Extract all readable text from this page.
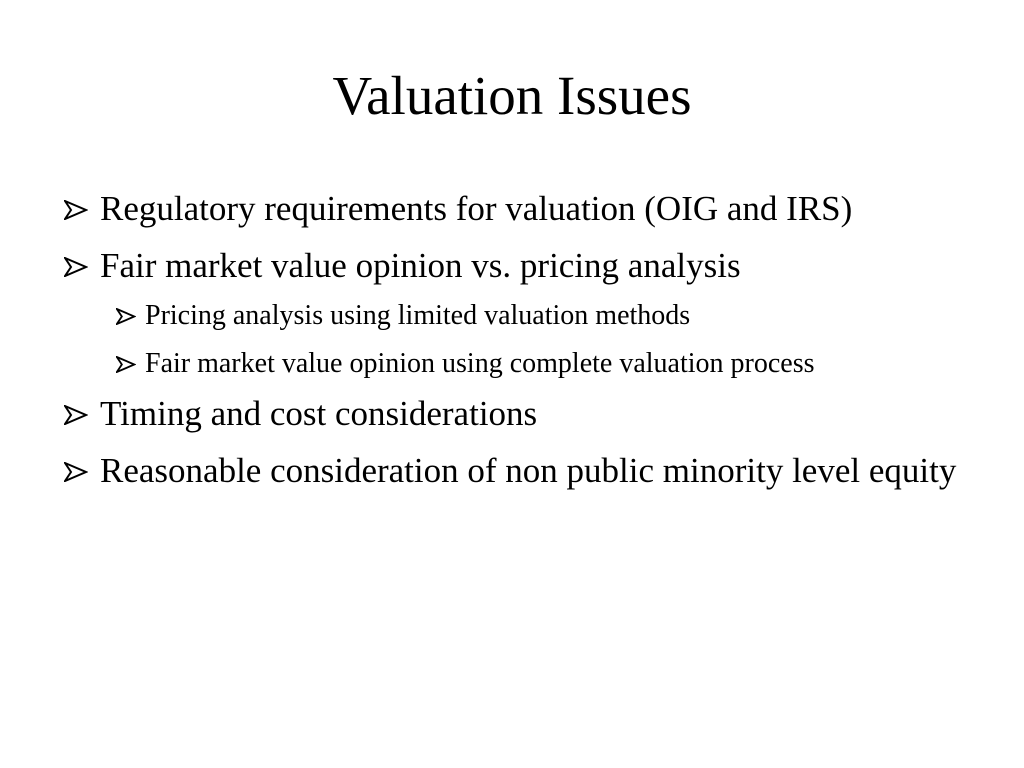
Valuation Issues
Regulatory requirements for valuation (OIG and IRS)
Fair market value opinion vs. pricing analysis
Pricing analysis using limited valuation methods
Fair market value opinion using complete valuation process
Timing and cost considerations
Reasonable consideration of non public minority level equity
